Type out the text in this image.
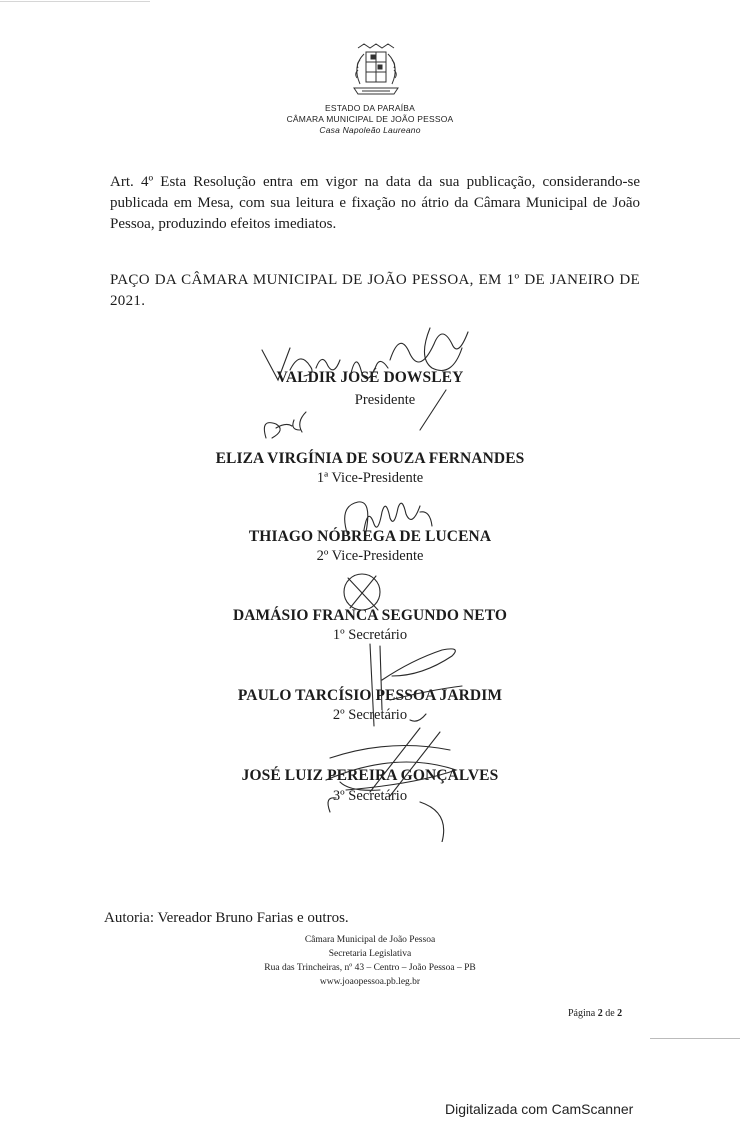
ESTADO DA PARAÍBA
CÂMARA MUNICIPAL DE JOÃO PESSOA
Casa Napoleão Laureano
Art. 4º Esta Resolução entra em vigor na data da sua publicação, considerando-se publicada em Mesa, com sua leitura e fixação no átrio da Câmara Municipal de João Pessoa, produzindo efeitos imediatos.
PAÇO DA CÂMARA MUNICIPAL DE JOÃO PESSOA, EM 1º DE JANEIRO DE 2021.
VALDIR JOSÉ DOWSLEY
Presidente
ELIZA VIRGÍNIA DE SOUZA FERNANDES
1ª Vice-Presidente
THIAGO NÓBREGA DE LUCENA
2º Vice-Presidente
DAMÁSIO FRANCA SEGUNDO NETO
1º Secretário
PAULO TARCÍSIO PESSOA JARDIM
2º Secretário
JOSÉ LUIZ PEREIRA GONÇALVES
3º Secretário
Autoria: Vereador Bruno Farias e outros.
Câmara Municipal de João Pessoa
Secretaria Legislativa
Rua das Trincheiras, nº 43 – Centro – João Pessoa – PB
www.joaopessoa.pb.leg.br
Página 2 de 2
Digitalizada com CamScanner
